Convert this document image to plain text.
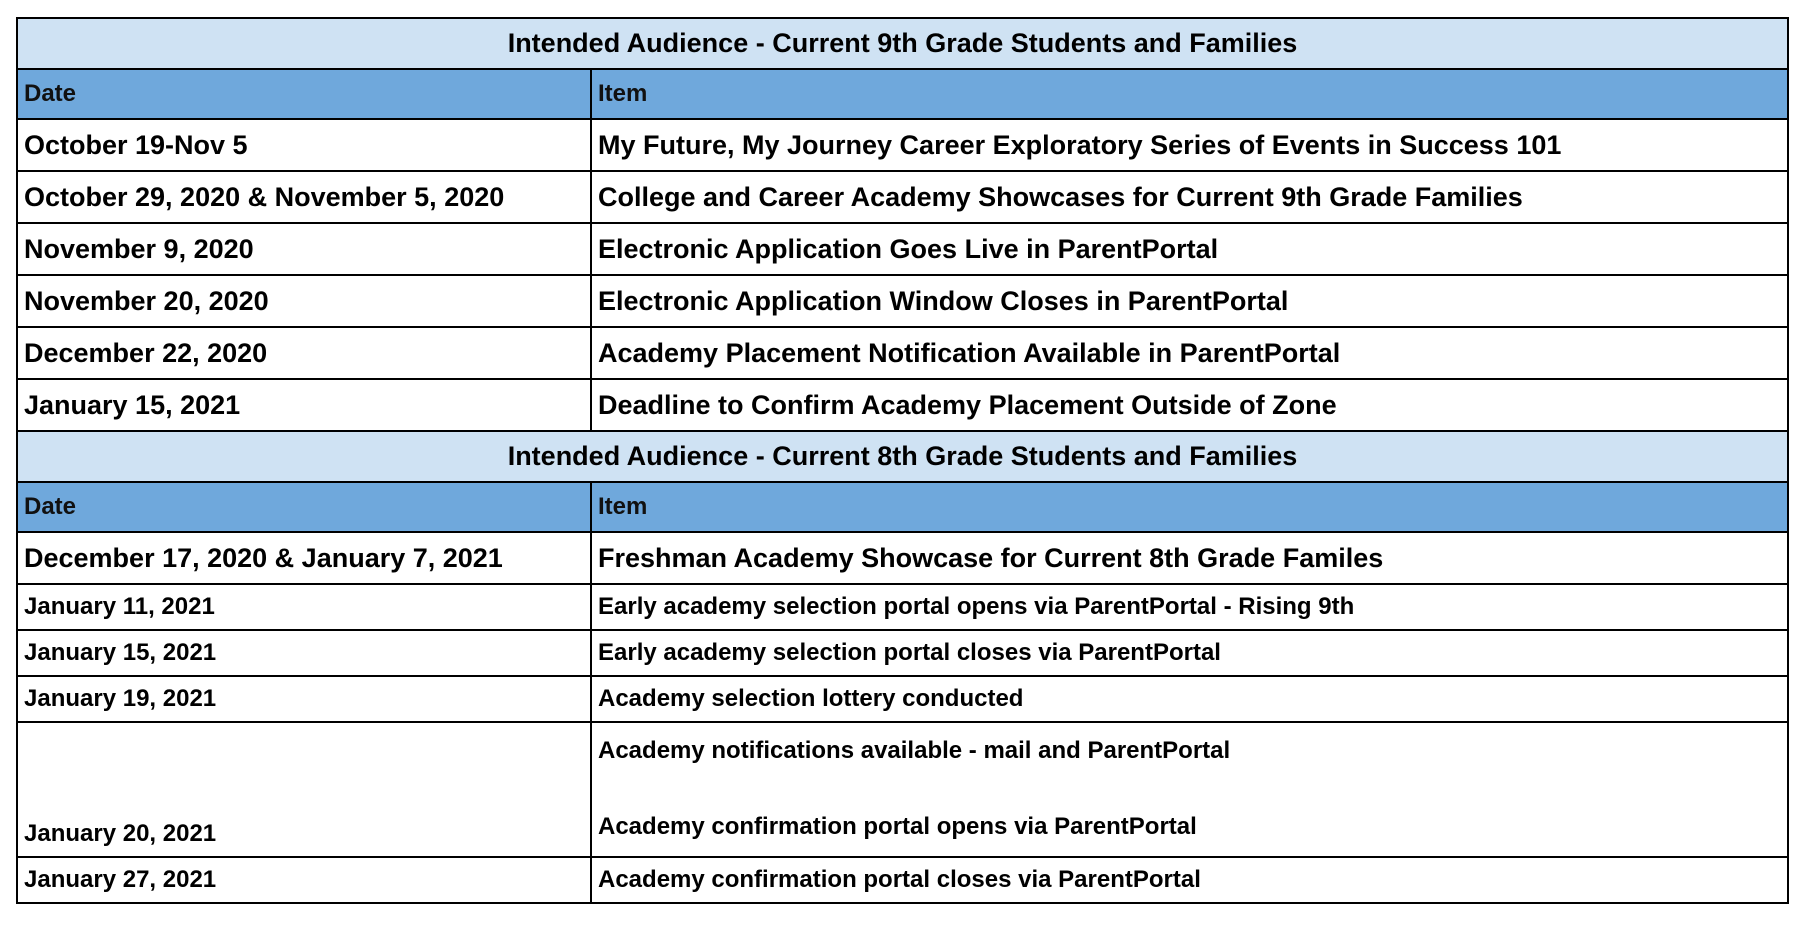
Intended Audience - Current 9th Grade Students and Families	
Date	Item
October 19-Nov 5	My Future, My Journey Career Exploratory Series of Events in Success 101
October 29, 2020 & November 5, 2020	College and Career Academy Showcases for Current 9th Grade Families
November 9, 2020	Electronic Application Goes Live in ParentPortal
November 20, 2020	Electronic Application Window Closes in ParentPortal
December 22, 2020	Academy Placement Notification Available in ParentPortal
January 15, 2021	Deadline to Confirm Academy Placement Outside of Zone
Intended Audience - Current 8th Grade Students and Families	
Date	Item
December 17, 2020 & January 7, 2021	Freshman Academy Showcase for Current 8th Grade Familes
January 11, 2021	Early academy selection portal opens via ParentPortal - Rising 9th
January 15, 2021	Early academy selection portal closes via ParentPortal
January 19, 2021	Academy selection lottery conducted
January 20, 2021	Academy notifications available - mail and ParentPortal
Academy confirmation portal opens via ParentPortal

January 27, 2021	Academy confirmation portal closes via ParentPortal
